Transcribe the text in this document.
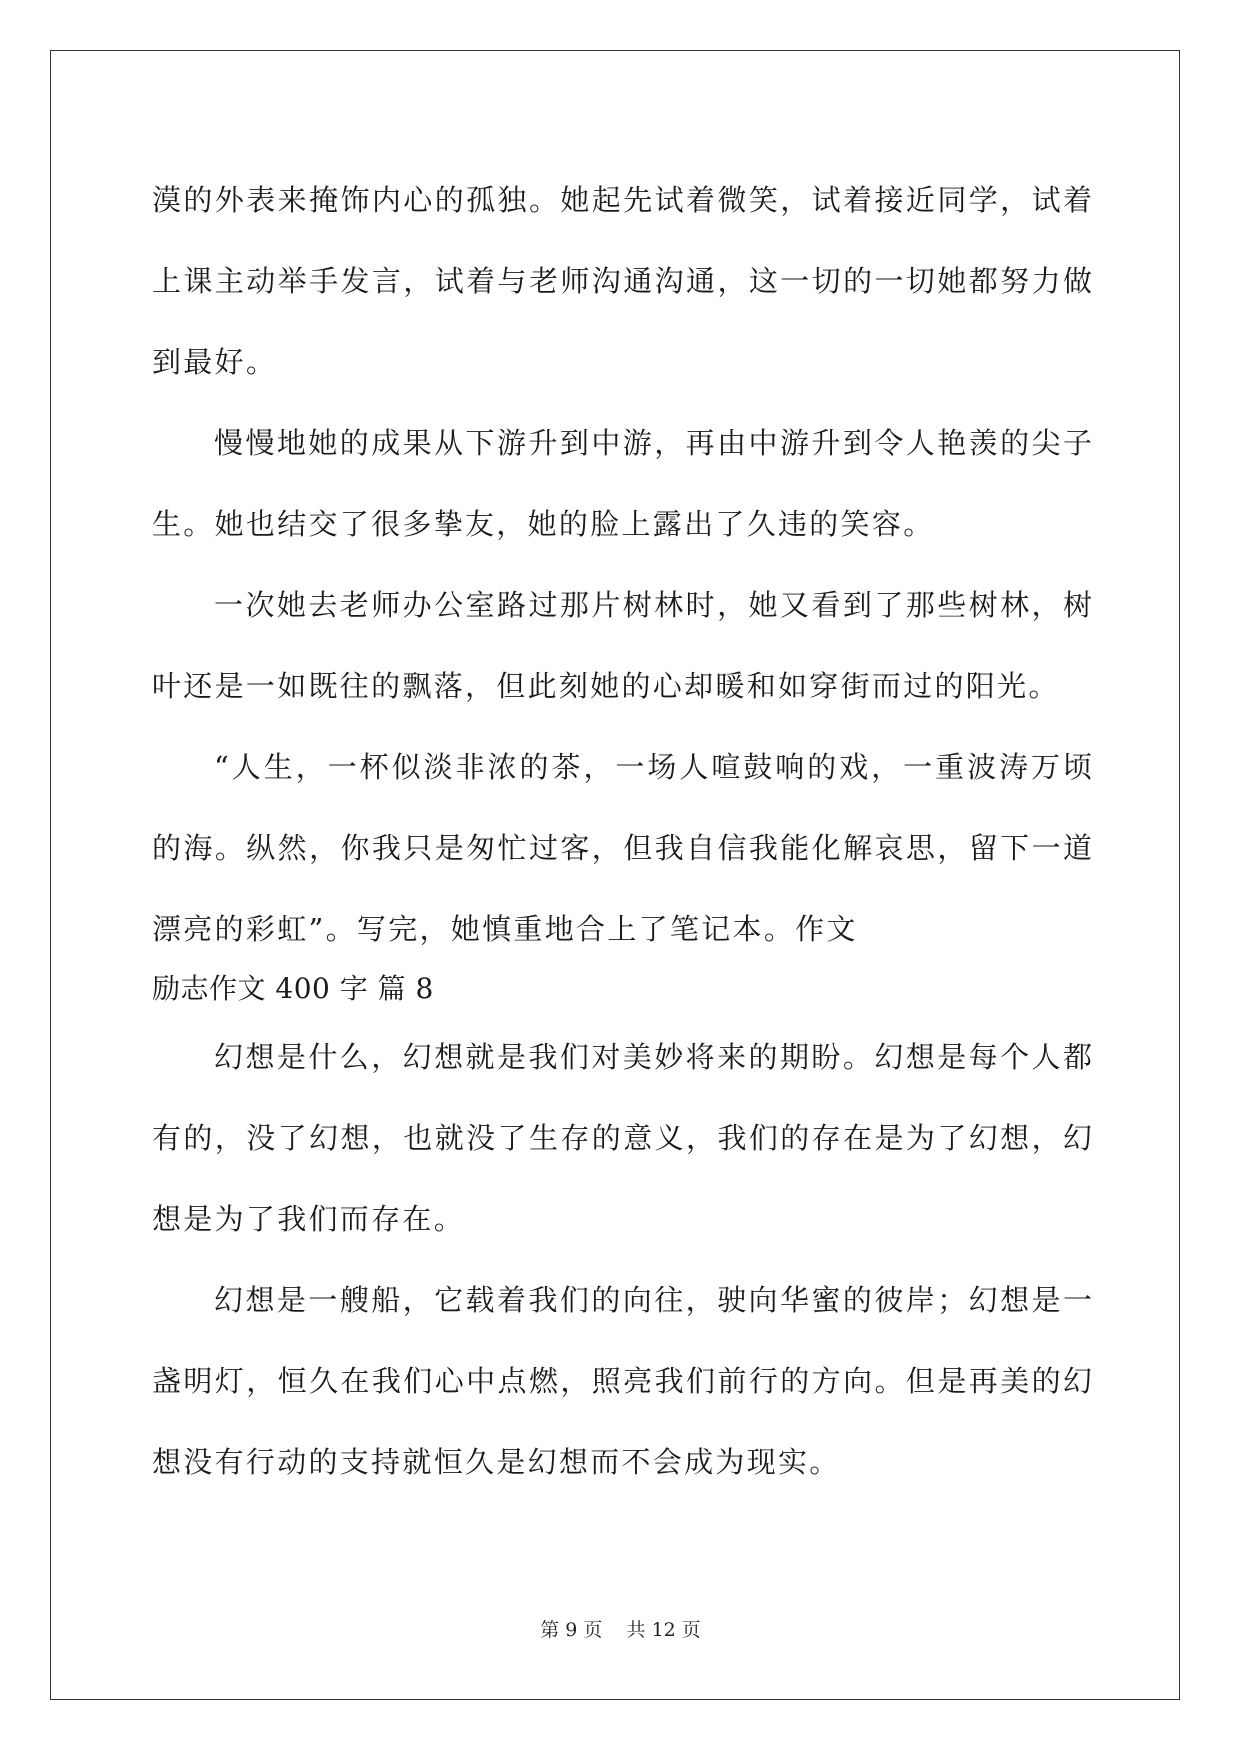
漠的外表来掩饰内心的孤独。她起先试着微笑，试着接近同学，试着
上课主动举手发言，试着与老师沟通沟通，这一切的一切她都努力做
到最好。
慢慢地她的成果从下游升到中游，再由中游升到令人艳羡的尖子
生。她也结交了很多挚友，她的脸上露出了久违的笑容。
一次她去老师办公室路过那片树林时，她又看到了那些树林，树
叶还是一如既往的飘落，但此刻她的心却暖和如穿街而过的阳光。
“人生，一杯似淡非浓的茶，一场人喧鼓响的戏，一重波涛万顷
的海。纵然，你我只是匆忙过客，但我自信我能化解哀思，留下一道
漂亮的彩虹”。写完，她慎重地合上了笔记本。作文
励志作文 400 字 篇 8
幻想是什么，幻想就是我们对美妙将来的期盼。幻想是每个人都
有的，没了幻想，也就没了生存的意义，我们的存在是为了幻想，幻
想是为了我们而存在。
幻想是一艘船，它载着我们的向往，驶向华蜜的彼岸；幻想是一
盏明灯，恒久在我们心中点燃，照亮我们前行的方向。但是再美的幻
想没有行动的支持就恒久是幻想而不会成为现实。
第 9 页    共 12 页
